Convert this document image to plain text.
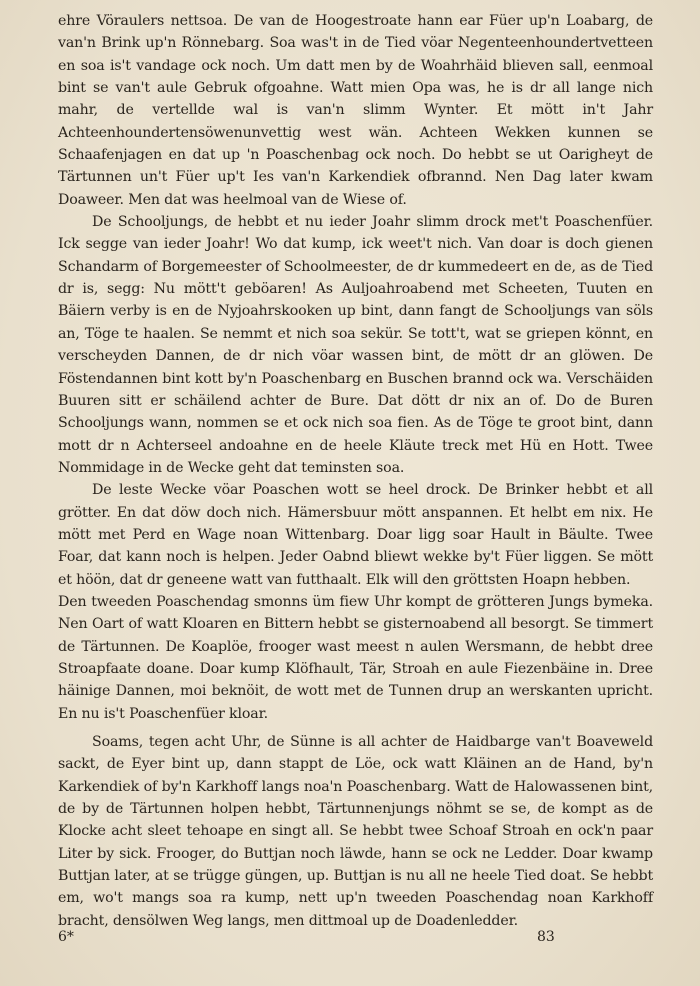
ehre Vöraulers nettsoa. De van de Hoogestroate hann ear Füer up'n Loabarg, de van'n Brink up'n Rönnebarg. Soa was't in de Tied vöar Negenteenhoundertvetteen en soa is't vandage ock noch. Um datt men by de Woahrhäid blieven sall, eenmoal bint se van't aule Gebruk ofgoahne. Watt mien Opa was, he is dr all lange nich mahr, de vertellde wal is van'n slimm Wynter. Et mött in't Jahr Achteenhoundertensöwenunvettig west wän. Achteen Wekken kunnen se Schaafenjagen en dat up 'n Poaschenbag ock noch. Do hebbt se ut Oarigheyt de Tärtunnen un't Füer up't Ies van'n Karkendiek ofbrannd. Nen Dag later kwam Doaweer. Men dat was heelmoal van de Wiese of.

De Schooljungs, de hebbt et nu ieder Joahr slimm drock met't Poaschenfüer. Ick segge van ieder Joahr! Wo dat kump, ick weet't nich. Van doar is doch gienen Schandarm of Borgemeester of Schoolmeester, de dr kummedeert en de, as de Tied dr is, segg: Nu mött't geböaren! As Auljoahroabend met Scheeten, Tuuten en Bäiern verby is en de Nyjoahrskooken up bint, dann fangt de Schooljungs van söls an, Töge te haalen. Se nemmt et nich soa sekür. Se tott't, wat se griepen könnt, en verscheyden Dannen, de dr nich vöar wassen bint, de mött dr an glöwen. De Föstendannen bint kott by'n Poaschenbarg en Buschen brannd ock wa. Verschäiden Buuren sitt er schäilend achter de Bure. Dat dött dr nix an of. Do de Buren Schooljungs wann, nommen se et ock nich soa fien. As de Töge te groot bint, dann mott dr n Achterseel andoahne en de heele Kläute treck met Hü en Hott. Twee Nommidage in de Wecke geht dat teminsten soa.

De leste Wecke vöar Poaschen wott se heel drock. De Brinker hebbt et all grötter. En dat döw doch nich. Hämersbuur mött anspannen. Et helbt em nix. He mött met Perd en Wage noan Wittenbarg. Doar ligg soar Hault in Bäulte. Twee Foar, dat kann noch is helpen. Jeder Oabnd bliewt wekke by't Füer liggen. Se mött et höön, dat dr geneene watt van futthaalt. Elk will den gröttsten Hoapn hebben.

Den tweeden Poaschendag smonns üm fiew Uhr kompt de grötteren Jungs bymeka. Nen Oart of watt Kloaren en Bittern hebbt se gisternoabend all besorgt. Se timmert de Tärtunnen. De Koaplöe, frooger wast meest n aulen Wersmann, de hebbt dree Stroapfaate doane. Doar kump Klöfhault, Tär, Stroah en aule Fiezenbäine in. Dree häinige Dannen, moi beknöit, de wott met de Tunnen drup an werskanten upricht. En nu is't Poaschenfüer kloar.

Soams, tegen acht Uhr, de Sünne is all achter de Haidbarge van't Boaveweld sackt, de Eyer bint up, dann stappt de Löe, ock watt Kläinen an de Hand, by'n Karkendiek of by'n Karkhoff langs noa'n Poaschenbarg. Watt de Halowassenen bint, de by de Tärtunnen holpen hebbt, Tärtunnenjungs nöhmt se se, de kompt as de Klocke acht sleet tehoape en singt all. Se hebbt twee Schoaf Stroah en ock'n paar Liter by sick. Frooger, do Buttjan noch läwde, hann se ock ne Ledder. Doar kwamp Buttjan later, at se trügge güngen, up. Buttjan is nu all ne heele Tied doat. Se hebbt em, wo't mangs soa ra kump, nett up'n tweeden Poaschendag noan Karkhoff bracht, densölwen Weg langs, men dittmoal up de Doadenledder.

6*	83
